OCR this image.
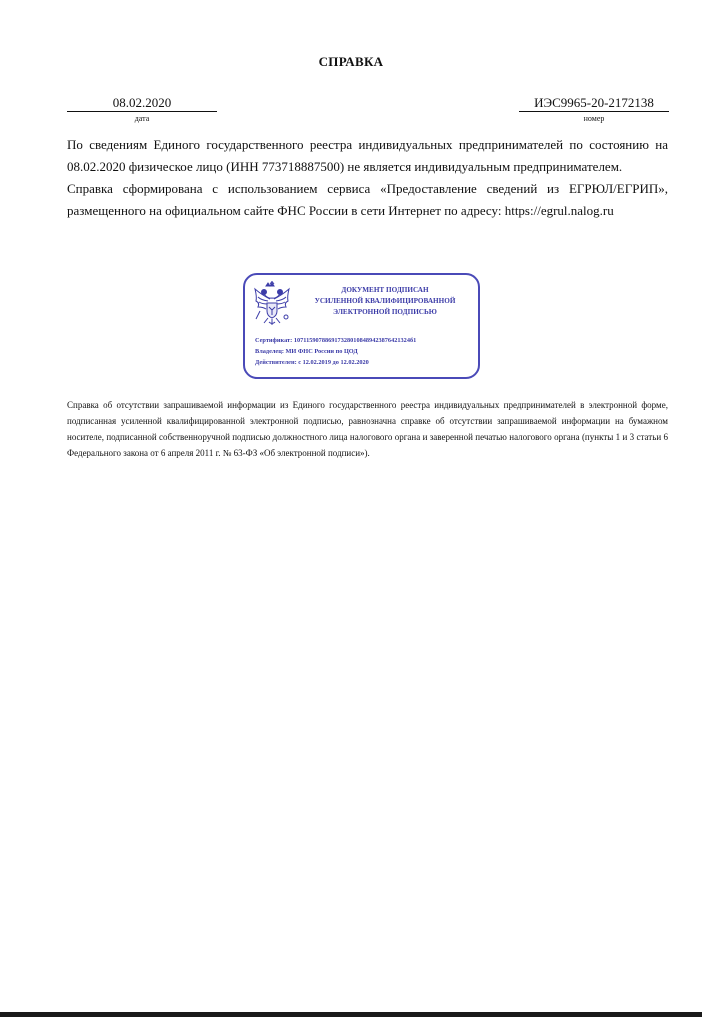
СПРАВКА
08.02.2020
дата
ИЭС9965-20-2172138
номер

По сведениям Единого государственного реестра индивидуальных предпринимателей по состоянию на 08.02.2020 физическое лицо (ИНН 773718887500) не является индивидуальным предпринимателем.

Справка сформирована с использованием сервиса «Предоставление сведений из ЕГРЮЛ/ЕГРИП», размещенного на официальном сайте ФНС России в сети Интернет по адресу: https://egrul.nalog.ru

ДОКУМЕНТ ПОДПИСАН
УСИЛЕННОЙ КВАЛИФИЦИРОВАННОЙ
ЭЛЕКТРОННОЙ ПОДПИСЬЮ
Сертификат: 1071159078869173280108489423876421324б1
Владелец: МИ ФНС России по ЦОД
Действителен: с 12.02.2019 до 12.02.2020
Справка об отсутствии запрашиваемой информации из Единого государственного реестра индивидуальных предпринимателей в электронной форме, подписанная усиленной квалифицированной электронной подписью, равнозначна справке об отсутствии запрашиваемой информации на бумажном носителе, подписанной собственноручной подписью должностного лица налогового органа и заверенной печатью налогового органа (пункты 1 и 3 статьи 6 Федерального закона от 6 апреля 2011 г. № 63-ФЗ «Об электронной подписи»).
